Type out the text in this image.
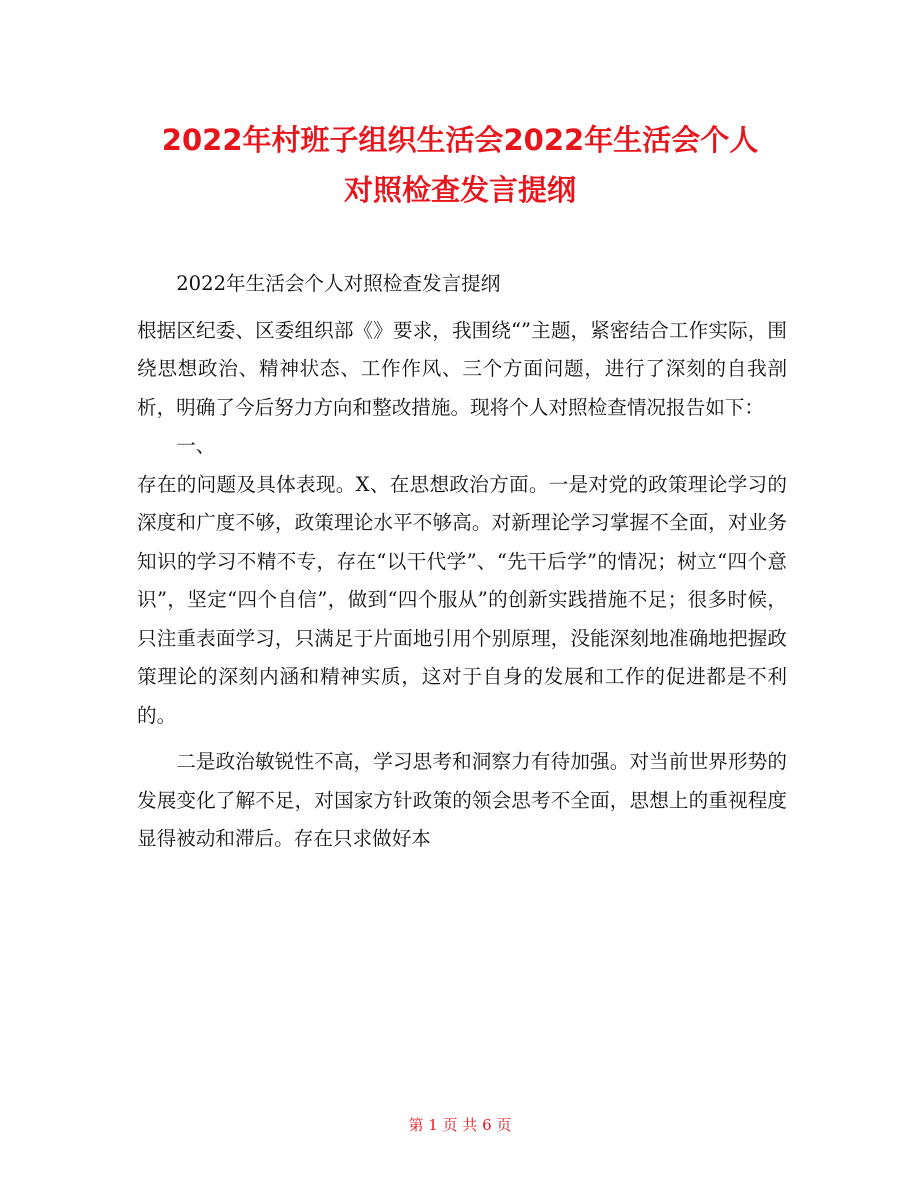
2022年村班子组织生活会2022年生活会个人
对照检查发言提纲

2022年生活会个人对照检查发言提纲

根据区纪委、区委组织部《》要求，我围绕“”主题，紧密结合工作实际，围绕思想政治、精神状态、工作作风、三个方面问题，进行了深刻的自我剖析，明确了今后努力方向和整改措施。现将个人对照检查情况报告如下：

一、

存在的问题及具体表现。X、在思想政治方面。一是对党的政策理论学习的深度和广度不够，政策理论水平不够高。对新理论学习掌握不全面，对业务知识的学习不精不专，存在“以干代学”、“先干后学”的情况；树立“四个意识”，坚定“四个自信”，做到“四个服从”的创新实践措施不足；很多时候，只注重表面学习，只满足于片面地引用个别原理，没能深刻地准确地把握政策理论的深刻内涵和精神实质，这对于自身的发展和工作的促进都是不利的。

二是政治敏锐性不高，学习思考和洞察力有待加强。对当前世界形势的发展变化了解不足，对国家方针政策的领会思考不全面，思想上的重视程度显得被动和滞后。存在只求做好本

第 1 页 共 6 页
